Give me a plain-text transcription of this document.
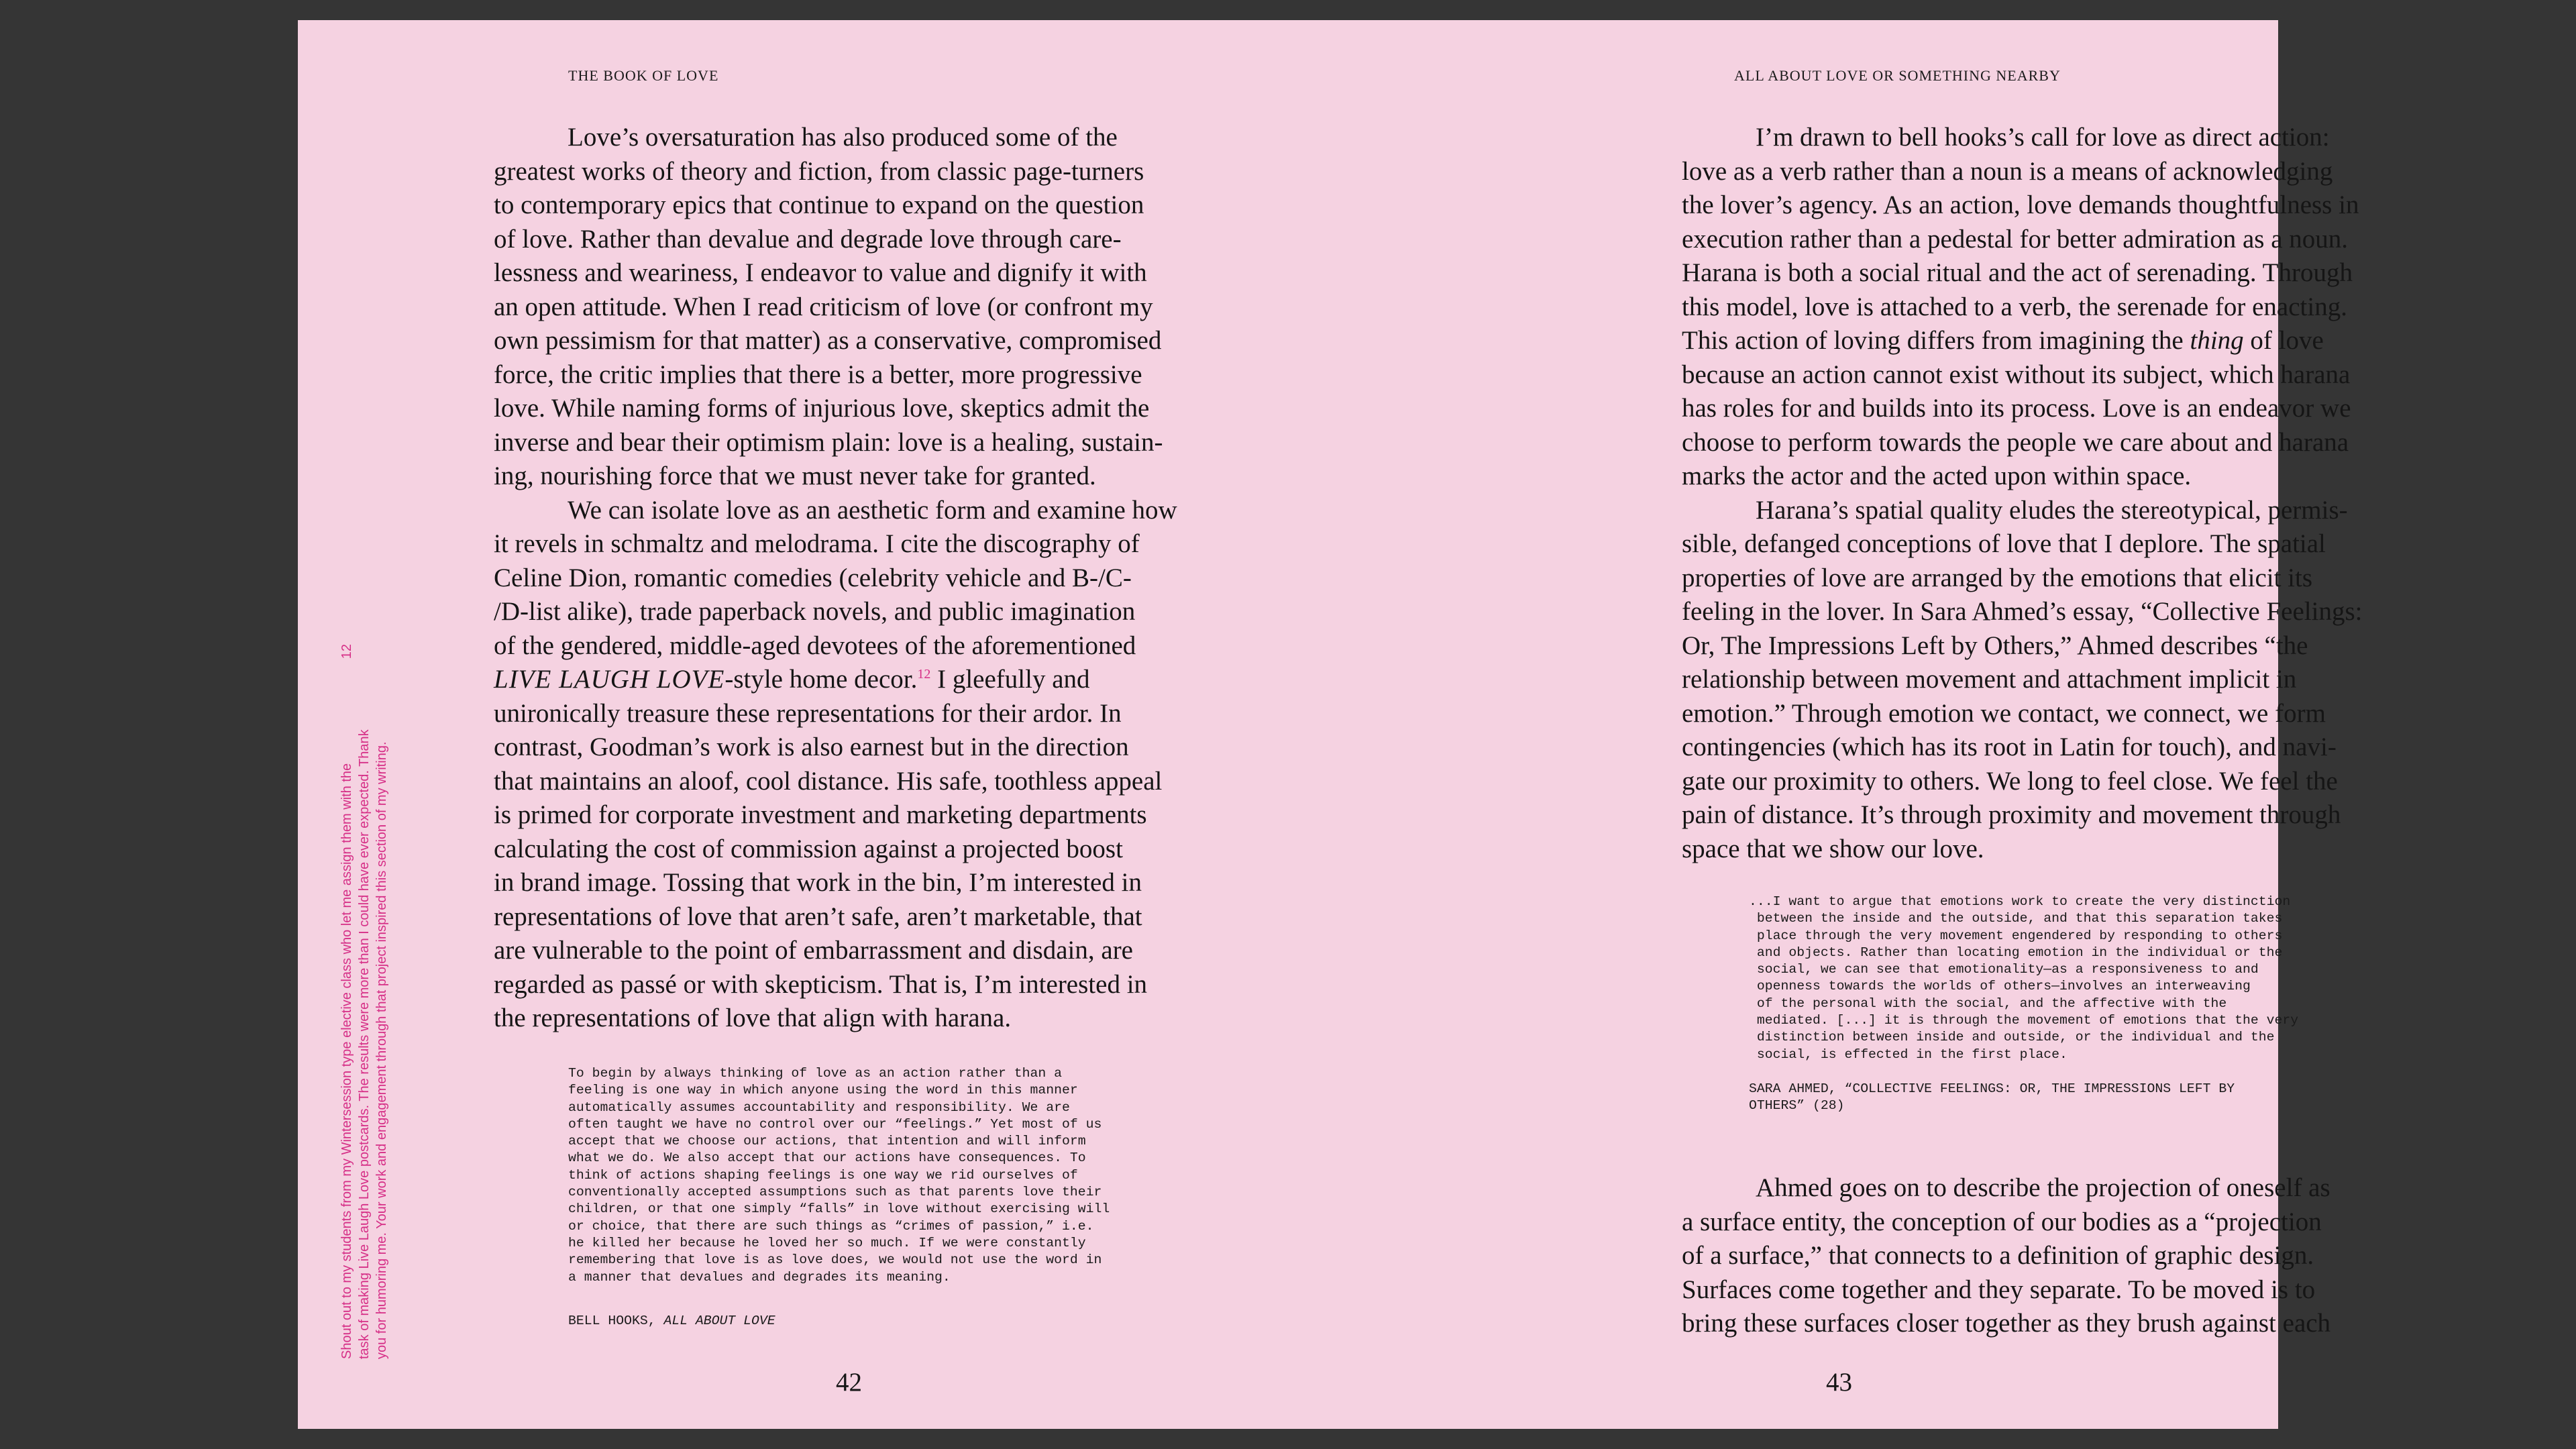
THE BOOK OF LOVE
Love’s oversaturation has also produced some of the
greatest works of theory and fiction, from classic page-turners
to contemporary epics that continue to expand on the question
of love. Rather than devalue and degrade love through care-
lessness and weariness, I endeavor to value and dignify it with
an open attitude. When I read criticism of love (or confront my
own pessimism for that matter) as a conservative, compromised
force, the critic implies that there is a better, more progressive
love. While naming forms of injurious love, skeptics admit the
inverse and bear their optimism plain: love is a healing, sustain-
ing, nourishing force that we must never take for granted.
We can isolate love as an aesthetic form and examine how
it revels in schmaltz and melodrama. I cite the discography of
Celine Dion, romantic comedies (celebrity vehicle and B-/C-
/D-list alike), trade paperback novels, and public imagination
of the gendered, middle-aged devotees of the aforementioned
LIVE LAUGH LOVE-style home decor.$^{12}$ I gleefully and
unironically treasure these representations for their ardor. In
contrast, Goodman’s work is also earnest but in the direction
that maintains an aloof, cool distance. His safe, toothless appeal
is primed for corporate investment and marketing departments
calculating the cost of commission against a projected boost
in brand image. Tossing that work in the bin, I’m interested in
representations of love that aren’t safe, aren’t marketable, that
are vulnerable to the point of embarrassment and disdain, are
regarded as passé or with skepticism. That is, I’m interested in
the representations of love that align with harana.
To begin by always thinking of love as an action rather than a
feeling is one way in which anyone using the word in this manner
automatically assumes accountability and responsibility. We are
often taught we have no control over our “feelings.” Yet most of us
accept that we choose our actions, that intention and will inform
what we do. We also accept that our actions have consequences. To
think of actions shaping feelings is one way we rid ourselves of
conventionally accepted assumptions such as that parents love their
children, or that one simply “falls” in love without exercising will
or choice, that there are such things as “crimes of passion,” i.e.
he killed her because he loved her so much. If we were constantly
remembering that love is as love does, we would not use the word in
a manner that devalues and degrades its meaning.
BELL HOOKS, ALL ABOUT LOVE
42
Shout out to my students from my Wintersession type elective class who let me assign them with the task of making Live Laugh Love postcards. The results were more than I could have ever expected. Thank you for humoring me. Your work and engagement through that project inspired this section of my writing.
12
ALL ABOUT LOVE OR SOMETHING NEARBY
I’m drawn to bell hooks’s call for love as direct action:
love as a verb rather than a noun is a means of acknowledging
the lover’s agency. As an action, love demands thoughtfulness in
execution rather than a pedestal for better admiration as a noun.
Harana is both a social ritual and the act of serenading. Through
this model, love is attached to a verb, the serenade for enacting.
This action of loving differs from imagining the thing of love
because an action cannot exist without its subject, which harana
has roles for and builds into its process. Love is an endeavor we
choose to perform towards the people we care about and harana
marks the actor and the acted upon within space.
Harana’s spatial quality eludes the stereotypical, permis-
sible, defanged conceptions of love that I deplore. The spatial
properties of love are arranged by the emotions that elicit its
feeling in the lover. In Sara Ahmed’s essay, “Collective Feelings:
Or, The Impressions Left by Others,” Ahmed describes “the
relationship between movement and attachment implicit in
emotion.” Through emotion we contact, we connect, we form
contingencies (which has its root in Latin for touch), and navi-
gate our proximity to others. We long to feel close. We feel the
pain of distance. It’s through proximity and movement through
space that we show our love.
...I want to argue that emotions work to create the very distinction
between the inside and the outside, and that this separation takes
place through the very movement engendered by responding to others
and objects. Rather than locating emotion in the individual or the
social, we can see that emotionality—as a responsiveness to and
openness towards the worlds of others—involves an interweaving
of the personal with the social, and the affective with the
mediated. [...] it is through the movement of emotions that the very
distinction between inside and outside, or the individual and the
social, is effected in the first place.
SARA AHMED, “COLLECTIVE FEELINGS: OR, THE IMPRESSIONS LEFT BY
OTHERS” (28)
Ahmed goes on to describe the projection of oneself as
a surface entity, the conception of our bodies as a “projection
of a surface,” that connects to a definition of graphic design.
Surfaces come together and they separate. To be moved is to
bring these surfaces closer together as they brush against each
43
